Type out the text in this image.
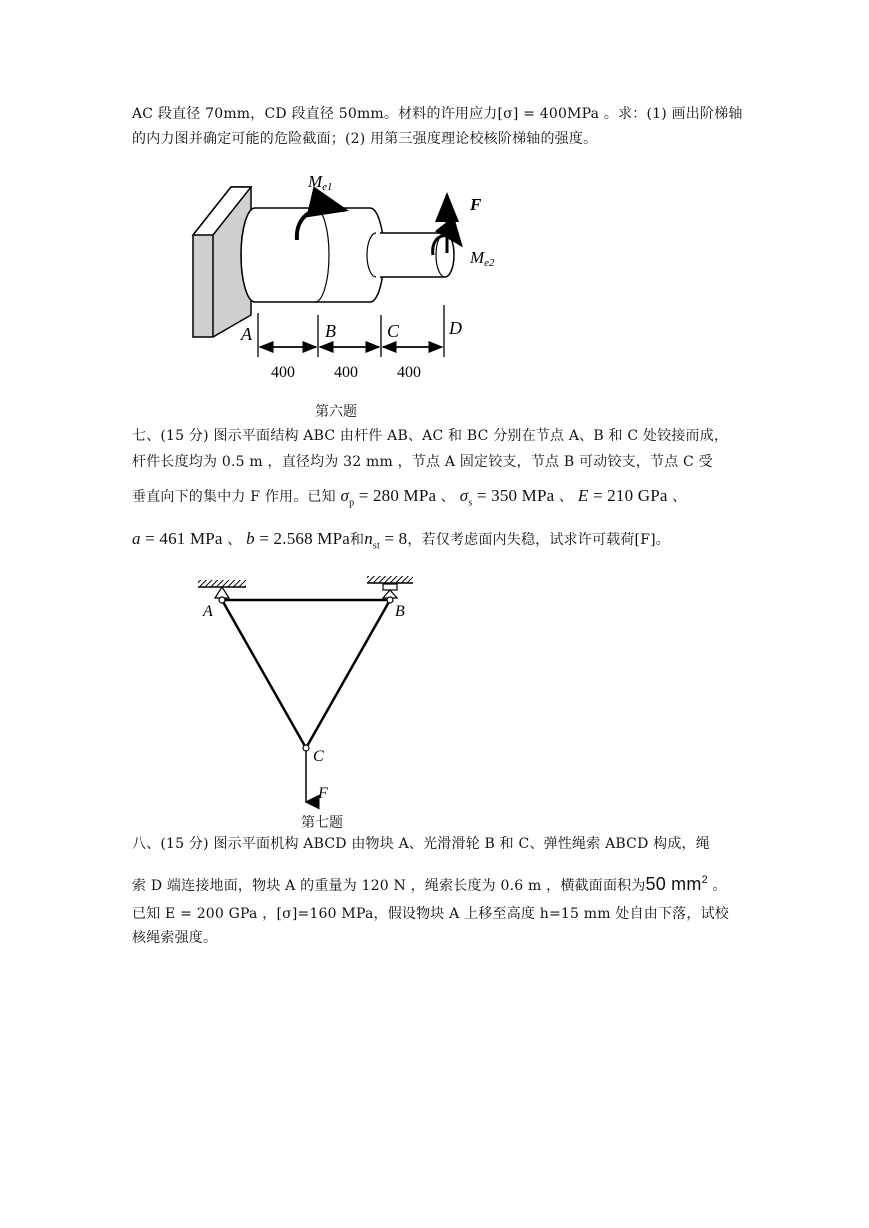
AC 段直径 70mm，CD 段直径 50mm。材料的许用应力[σ] = 400MPa 。求：(1) 画出阶梯轴
的内力图并确定可能的危险截面；(2) 用第三强度理论校核阶梯轴的强度。
Me1
F
Me2
A	B	C	D
400 400 400
第六题
七、(15 分) 图示平面结构 ABC 由杆件 AB、AC 和 BC 分别在节点 A、B 和 C 处铰接而成，
杆件长度均为 0.5 m ，直径均为 32 mm ，节点 A 固定铰支，节点 B 可动铰支，节点 C 受
垂直向下的集中力 F 作用。已知 $\sigma_p = 280$ MPa 、 $\sigma_s = 350$ MPa 、 E = 210 GPa 、
a = 461 MPa 、 b = 2.568 MPa和$n_{st} = 8$，若仅考虑面内失稳，试求许可载荷[F]。
A	B
C
F
第七题
八、(15 分) 图示平面机构 ABCD 由物块 A、光滑滑轮 B 和 C、弹性绳索 ABCD 构成，绳
索 D 端连接地面，物块 A 的重量为 120 N ，绳索长度为 0.6 m ，横截面面积为50 $mm^2$ 。
已知 E = 200 GPa ，[σ]=160 MPa，假设物块 A 上移至高度 h=15 mm 处自由下落，试校
核绳索强度。
